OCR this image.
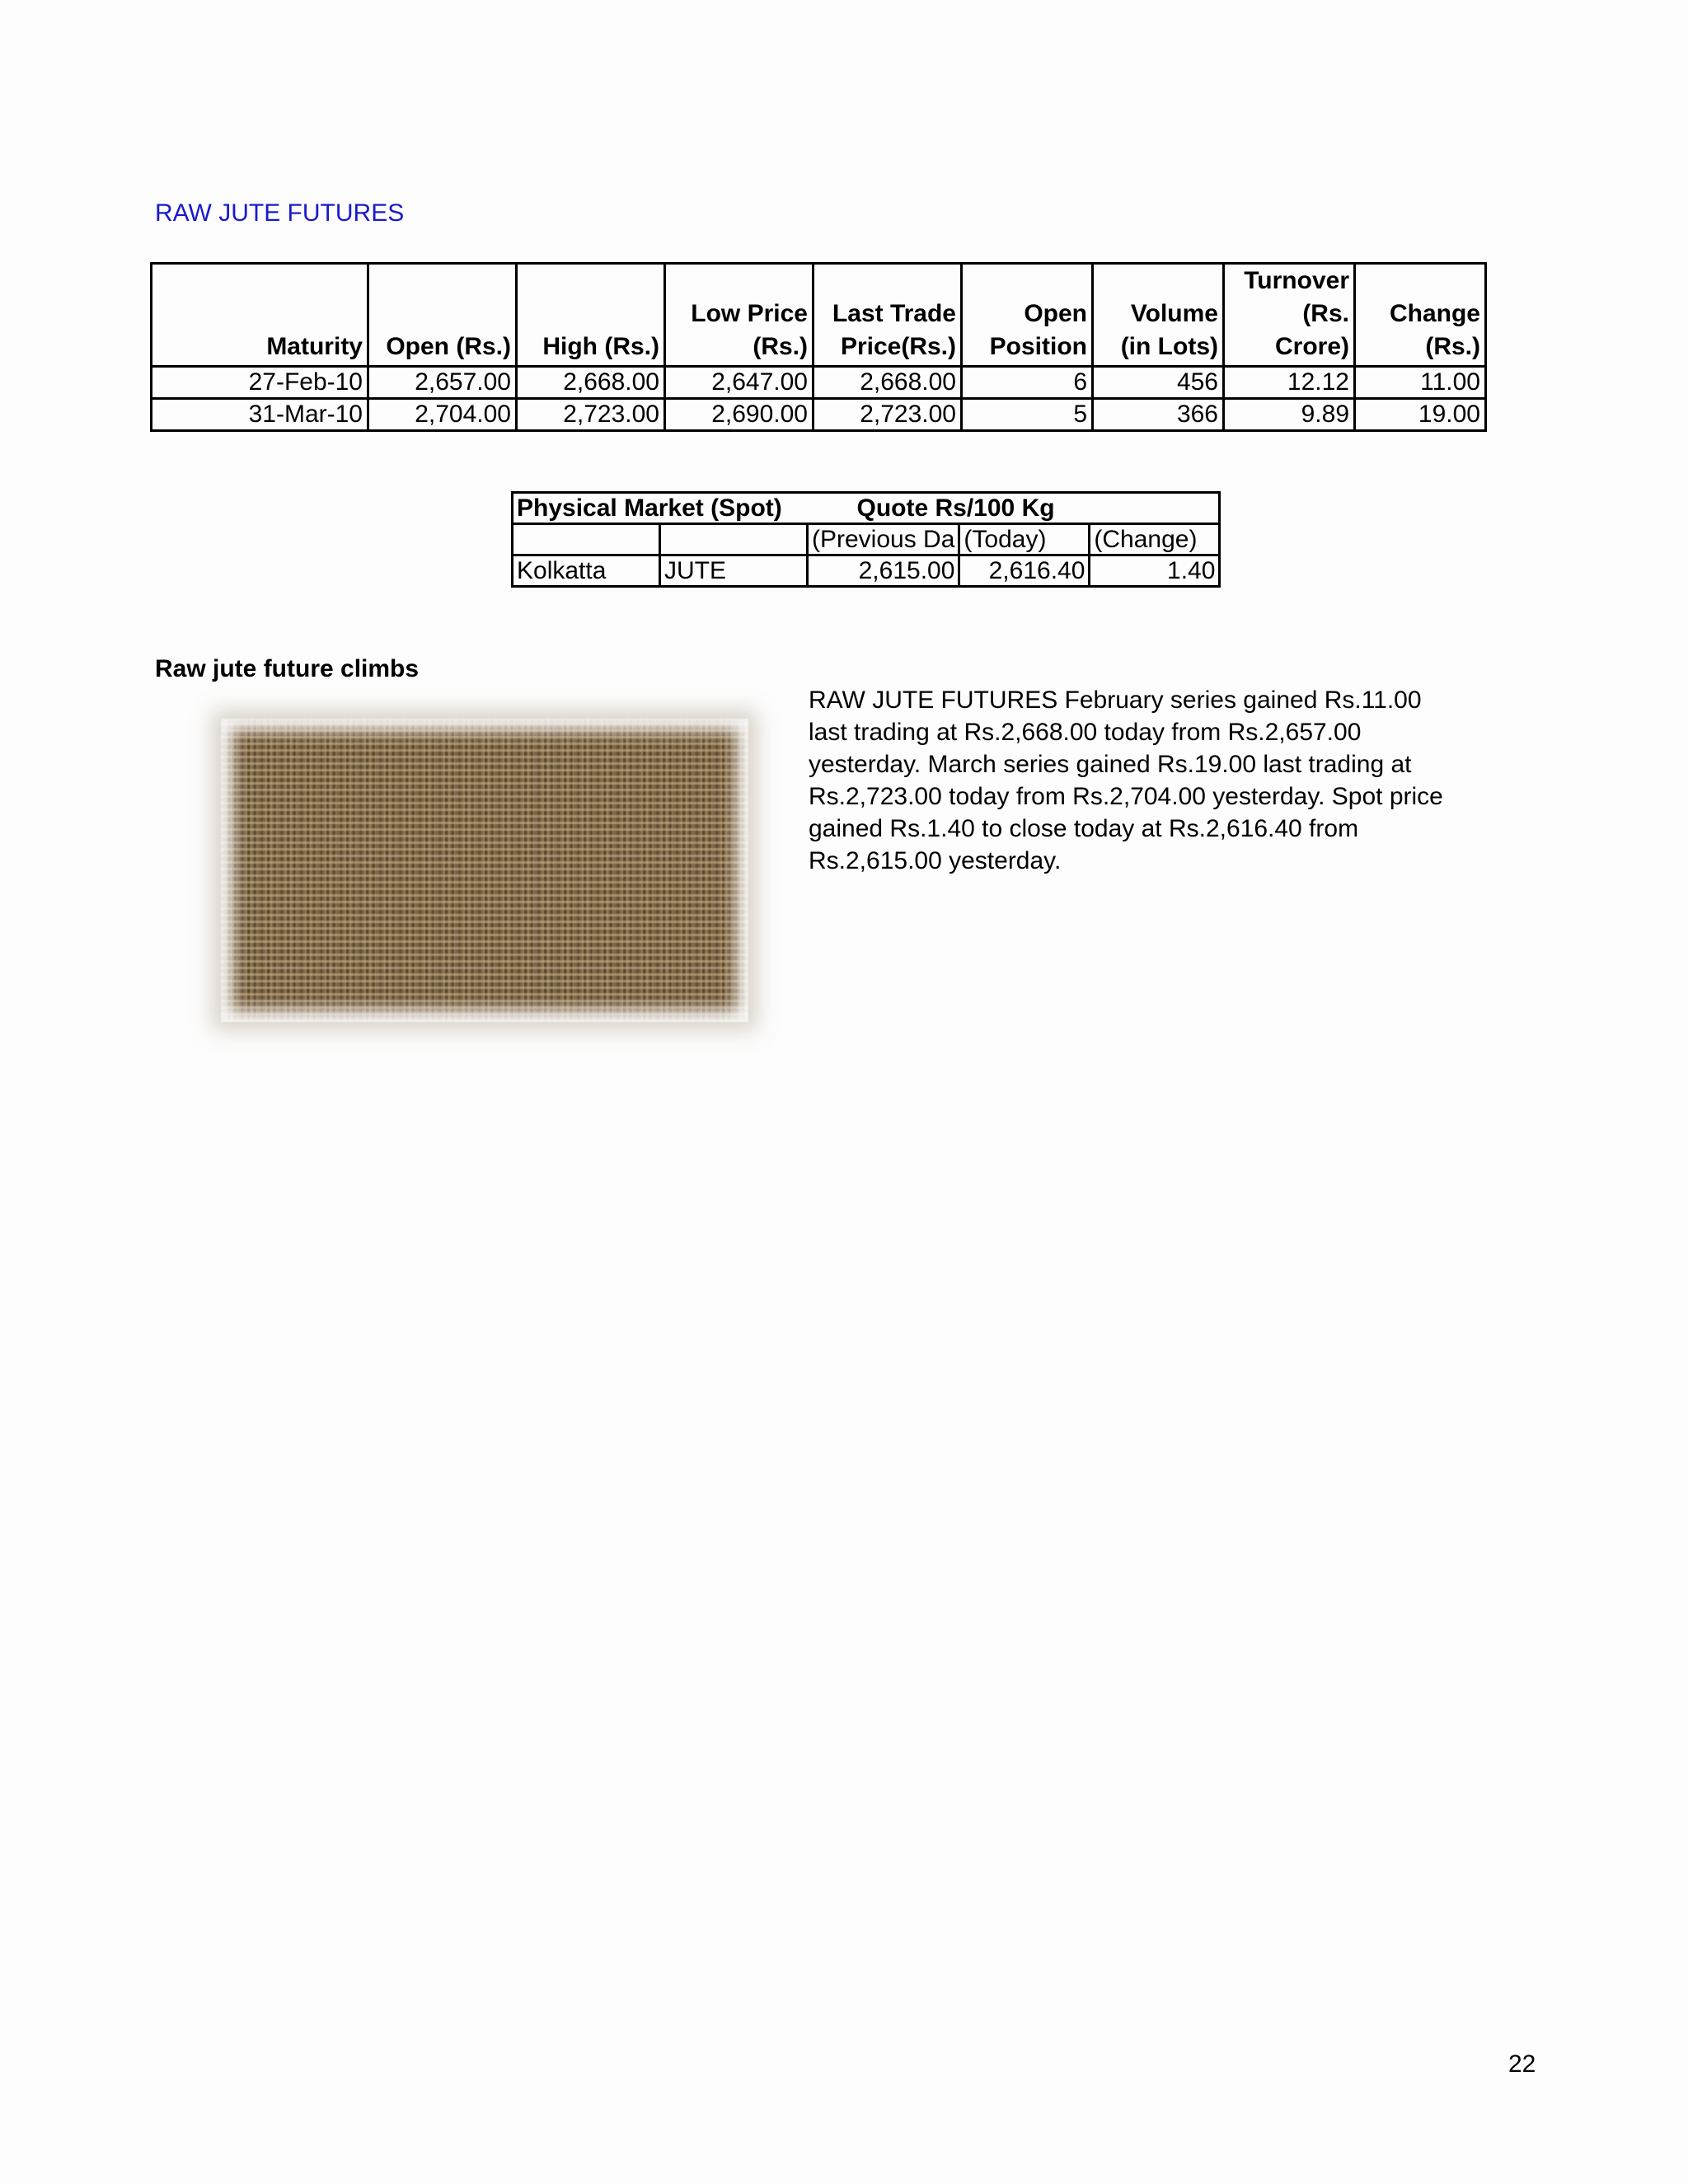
RAW JUTE FUTURES
Maturity	Open (Rs.)	High (Rs.)	Low Price (Rs.)	Last Trade Price(Rs.)	Open Position	Volume (in Lots)	Turnover (Rs. Crore)	Change (Rs.)
27-Feb-10	2,657.00	2,668.00	2,647.00	2,668.00	6	456	12.12	11.00
31-Mar-10	2,704.00	2,723.00	2,690.00	2,723.00	5	366	9.89	19.00
Physical Market (Spot)		Quote Rs/100 Kg		
		(Previous Da	(Today)	(Change)
Kolkatta	JUTE	2,615.00	2,616.40	1.40
Raw jute future climbs
RAW JUTE FUTURES February series gained Rs.11.00 last trading at Rs.2,668.00 today from Rs.2,657.00 yesterday. March series gained Rs.19.00 last trading at Rs.2,723.00 today from Rs.2,704.00 yesterday. Spot price gained Rs.1.40 to close today at Rs.2,616.40 from Rs.2,615.00 yesterday.
22
